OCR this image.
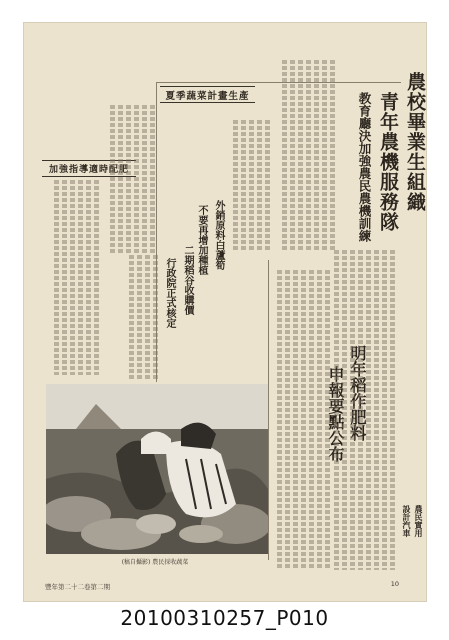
農校畢業生組織
青年農機服務隊
教育廳決加強農民農機訓練
明年稻作肥料
申報要點公布
夏季蔬菜計畫生產
加強指導適時配肥
外銷原料白蘆筍
不要再增加種植
二期稻谷收購價
行政院正式核定
設計汽車 農民實用
(稿自攝影) 農民採收蔬菜
豐年第二十二卷第二期	10
20100310257_P010
